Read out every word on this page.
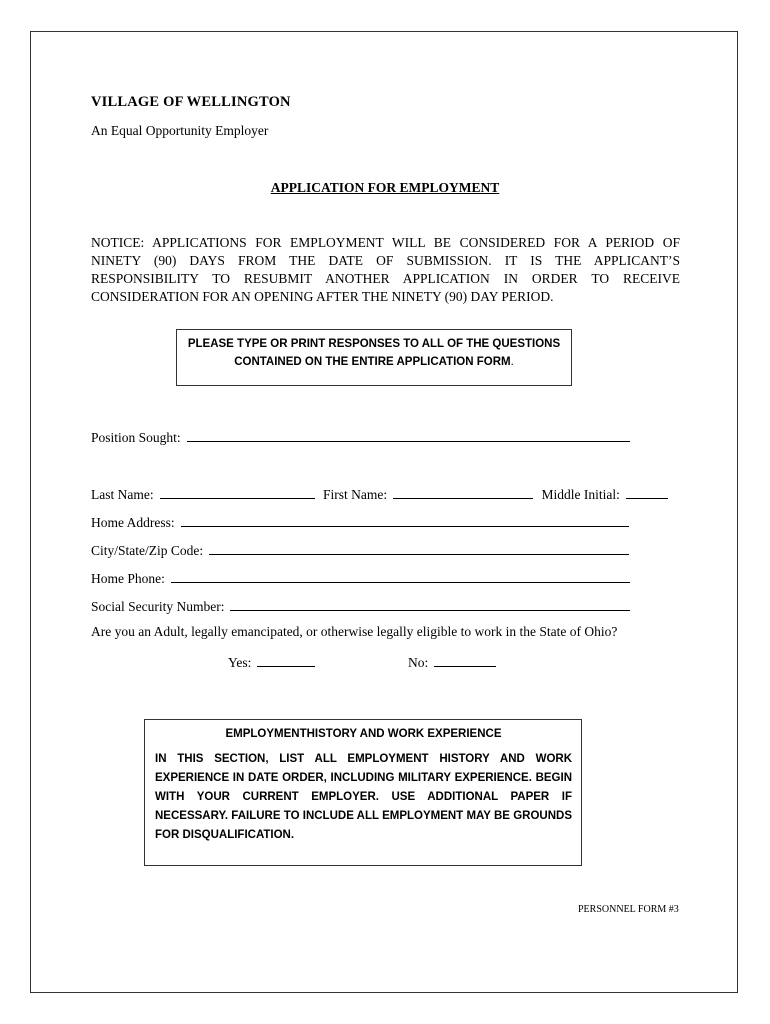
VILLAGE OF WELLINGTON
An Equal Opportunity Employer
APPLICATION FOR EMPLOYMENT
NOTICE: APPLICATIONS FOR EMPLOYMENT WILL BE CONSIDERED FOR A PERIOD OF NINETY (90) DAYS FROM THE DATE OF SUBMISSION. IT IS THE APPLICANT’S RESPONSIBILITY TO RESUBMIT ANOTHER APPLICATION IN ORDER TO RECEIVE CONSIDERATION FOR AN OPENING AFTER THE NINETY (90) DAY PERIOD.
PLEASE TYPE OR PRINT RESPONSES TO ALL OF THE QUESTIONS
CONTAINED ON THE ENTIRE APPLICATION FORM.
Position Sought:
Last Name:	First Name:	Middle Initial:
Home Address:
City/State/Zip Code:
Home Phone:
Social Security Number:
Are you an Adult, legally emancipated, or otherwise legally eligible to work in the State of Ohio?
Yes:	No:
EMPLOYMENTHISTORY AND WORK EXPERIENCE
IN THIS SECTION, LIST ALL EMPLOYMENT HISTORY AND WORK EXPERIENCE IN DATE ORDER, INCLUDING MILITARY EXPERIENCE. BEGIN WITH YOUR CURRENT EMPLOYER. USE ADDITIONAL PAPER IF NECESSARY. FAILURE TO INCLUDE ALL EMPLOYMENT MAY BE GROUNDS FOR DISQUALIFICATION.
PERSONNEL FORM #3
